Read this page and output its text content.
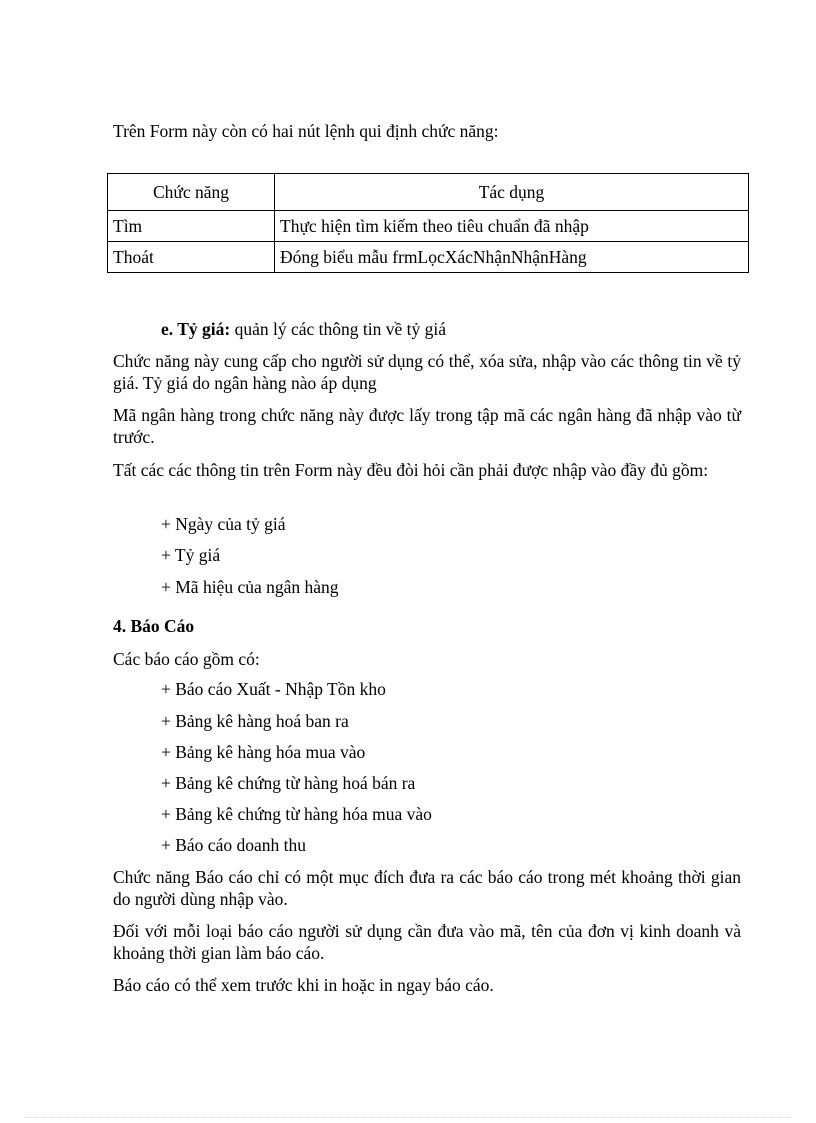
Trên Form này còn có hai nút lệnh qui định chức năng:

Chức năng	Tác dụng
Tìm	Thực hiện tìm kiếm theo tiêu chuẩn đã nhập
Thoát	Đóng biểu mẫu frmLọcXácNhậnNhậnHàng

e. Tỷ giá: quản lý các thông tin về tỷ giá

Chức năng này cung cấp cho người sử dụng có thể, xóa sửa, nhập vào các thông tin về tỷ giá. Tỷ giá do ngân hàng nào áp dụng

Mã ngân hàng trong chức năng này được lấy trong tập mã các ngân hàng đã nhập vào từ trước.

Tất các các thông tin trên Form này đều đòi hỏi cần phải được nhập vào đầy đủ gồm:

+ Ngày của tỷ giá

+ Tỷ giá

+ Mã hiệu của ngân hàng

4. Báo Cáo

Các báo cáo gồm có:

+ Báo cáo Xuất - Nhập Tồn kho

+ Bảng kê hàng hoá ban ra

+ Bảng kê hàng hóa mua vào

+ Bảng kê chứng từ hàng hoá bán ra

+ Bảng kê chứng từ hàng hóa mua vào

+ Báo cáo doanh thu

Chức năng Báo cáo chỉ có một mục đích đưa ra các báo cáo trong mét khoảng thời gian do người dùng nhập vào.

Đối với mỗi loại báo cáo người sử dụng cần đưa vào mã, tên của đơn vị kinh doanh và khoảng thời gian làm báo cáo.

Báo cáo có thể xem trước khi in hoặc in ngay báo cáo.
